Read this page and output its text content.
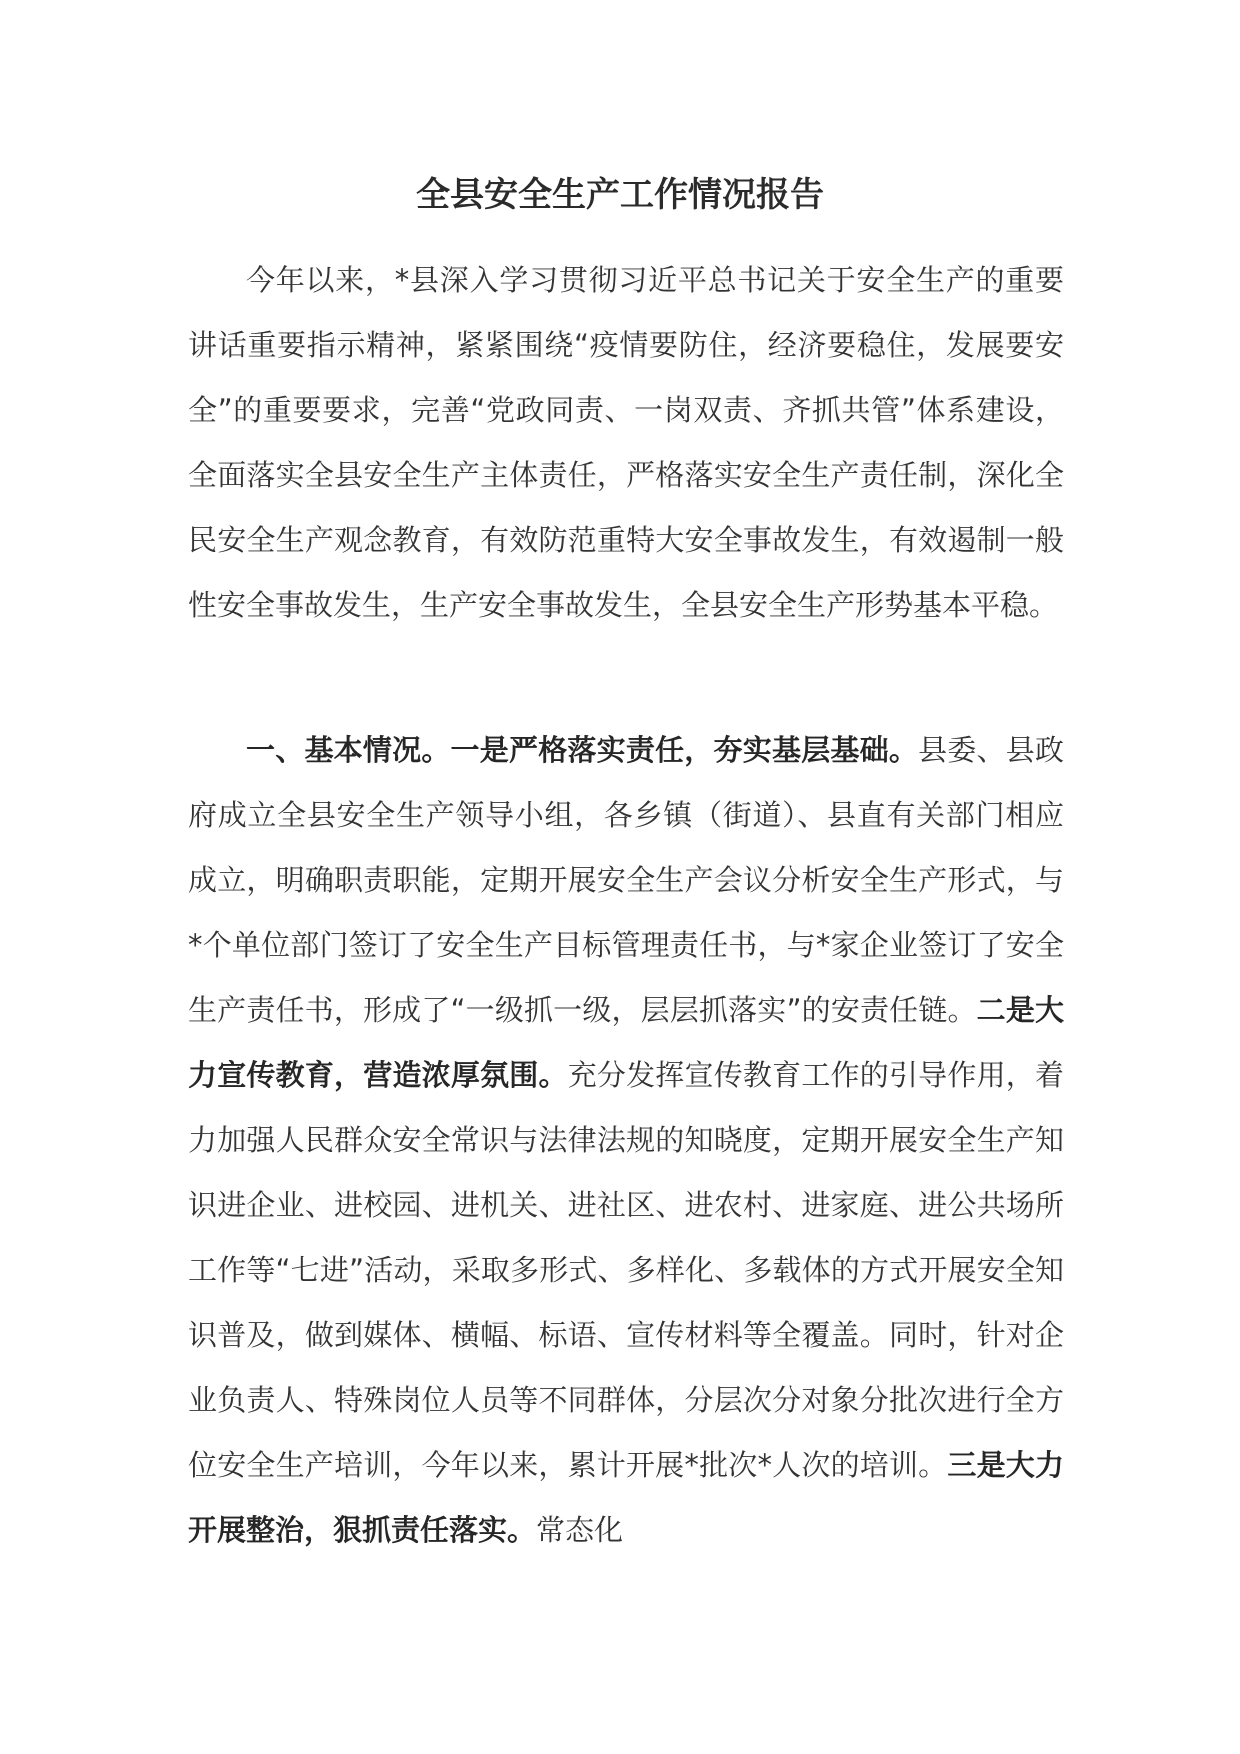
全县安全生产工作情况报告

今年以来，*县深入学习贯彻习近平总书记关于安全生产的重要讲话重要指示精神，紧紧围绕“疫情要防住，经济要稳住，发展要安全”的重要要求，完善“党政同责、一岗双责、齐抓共管”体系建设，全面落实全县安全生产主体责任，严格落实安全生产责任制，深化全民安全生产观念教育，有效防范重特大安全事故发生，有效遏制一般性安全事故发生，生产安全事故发生，全县安全生产形势基本平稳。

一、基本情况。一是严格落实责任，夯实基层基础。县委、县政府成立全县安全生产领导小组，各乡镇（街道）、县直有关部门相应成立，明确职责职能，定期开展安全生产会议分析安全生产形式，与*个单位部门签订了安全生产目标管理责任书，与*家企业签订了安全生产责任书，形成了“一级抓一级，层层抓落实”的安责任链。二是大力宣传教育，营造浓厚氛围。充分发挥宣传教育工作的引导作用，着力加强人民群众安全常识与法律法规的知晓度，定期开展安全生产知识进企业、进校园、进机关、进社区、进农村、进家庭、进公共场所工作等“七进”活动，采取多形式、多样化、多载体的方式开展安全知识普及，做到媒体、横幅、标语、宣传材料等全覆盖。同时，针对企业负责人、特殊岗位人员等不同群体，分层次分对象分批次进行全方位安全生产培训，今年以来，累计开展*批次*人次的培训。三是大力开展整治，狠抓责任落实。常态化
